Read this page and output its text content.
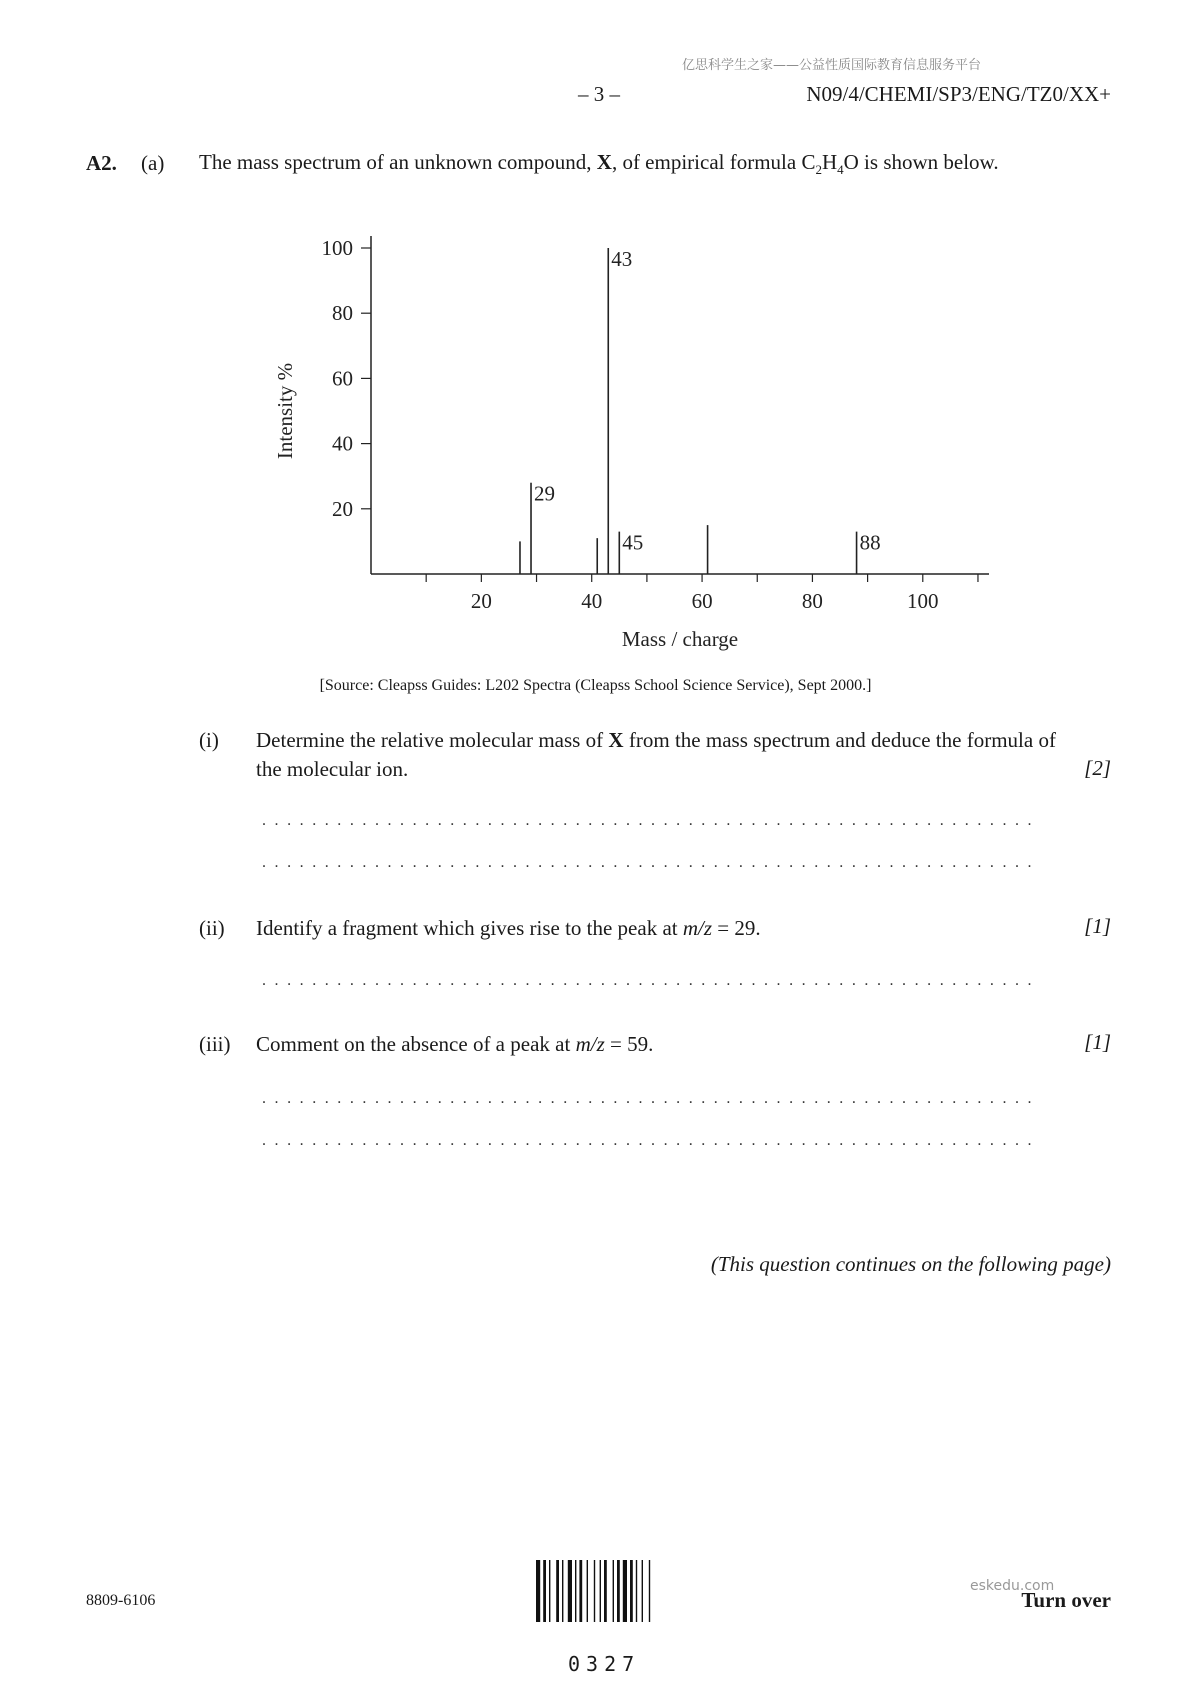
亿思科学生之家——公益性质国际教育信息服务平台
– 3 –	N09/4/CHEMI/SP3/ENG/TZ0/XX+
A2. (a) The mass spectrum of an unknown compound, X, of empirical formula $C_2H_4O$ is shown below.
20	40	60	80	100
20
40
60
80
100
29
43
45	88
Mass / charge
Intensity %
[Source: Cleapss Guides: L202 Spectra (Cleapss School Science Service), Sept 2000.]
(i) Determine the relative molecular mass of X from the mass spectrum and deduce the formula of the molecular ion.	[2]
..............................................................
..............................................................
(ii) Identify a fragment which gives rise to the peak at m/z = 29.	[1]
..............................................................
(iii) Comment on the absence of a peak at m/z = 59.	[1]
..............................................................
..............................................................
(This question continues on the following page)
8809-6106
0327
eskedu.com
Turn over
